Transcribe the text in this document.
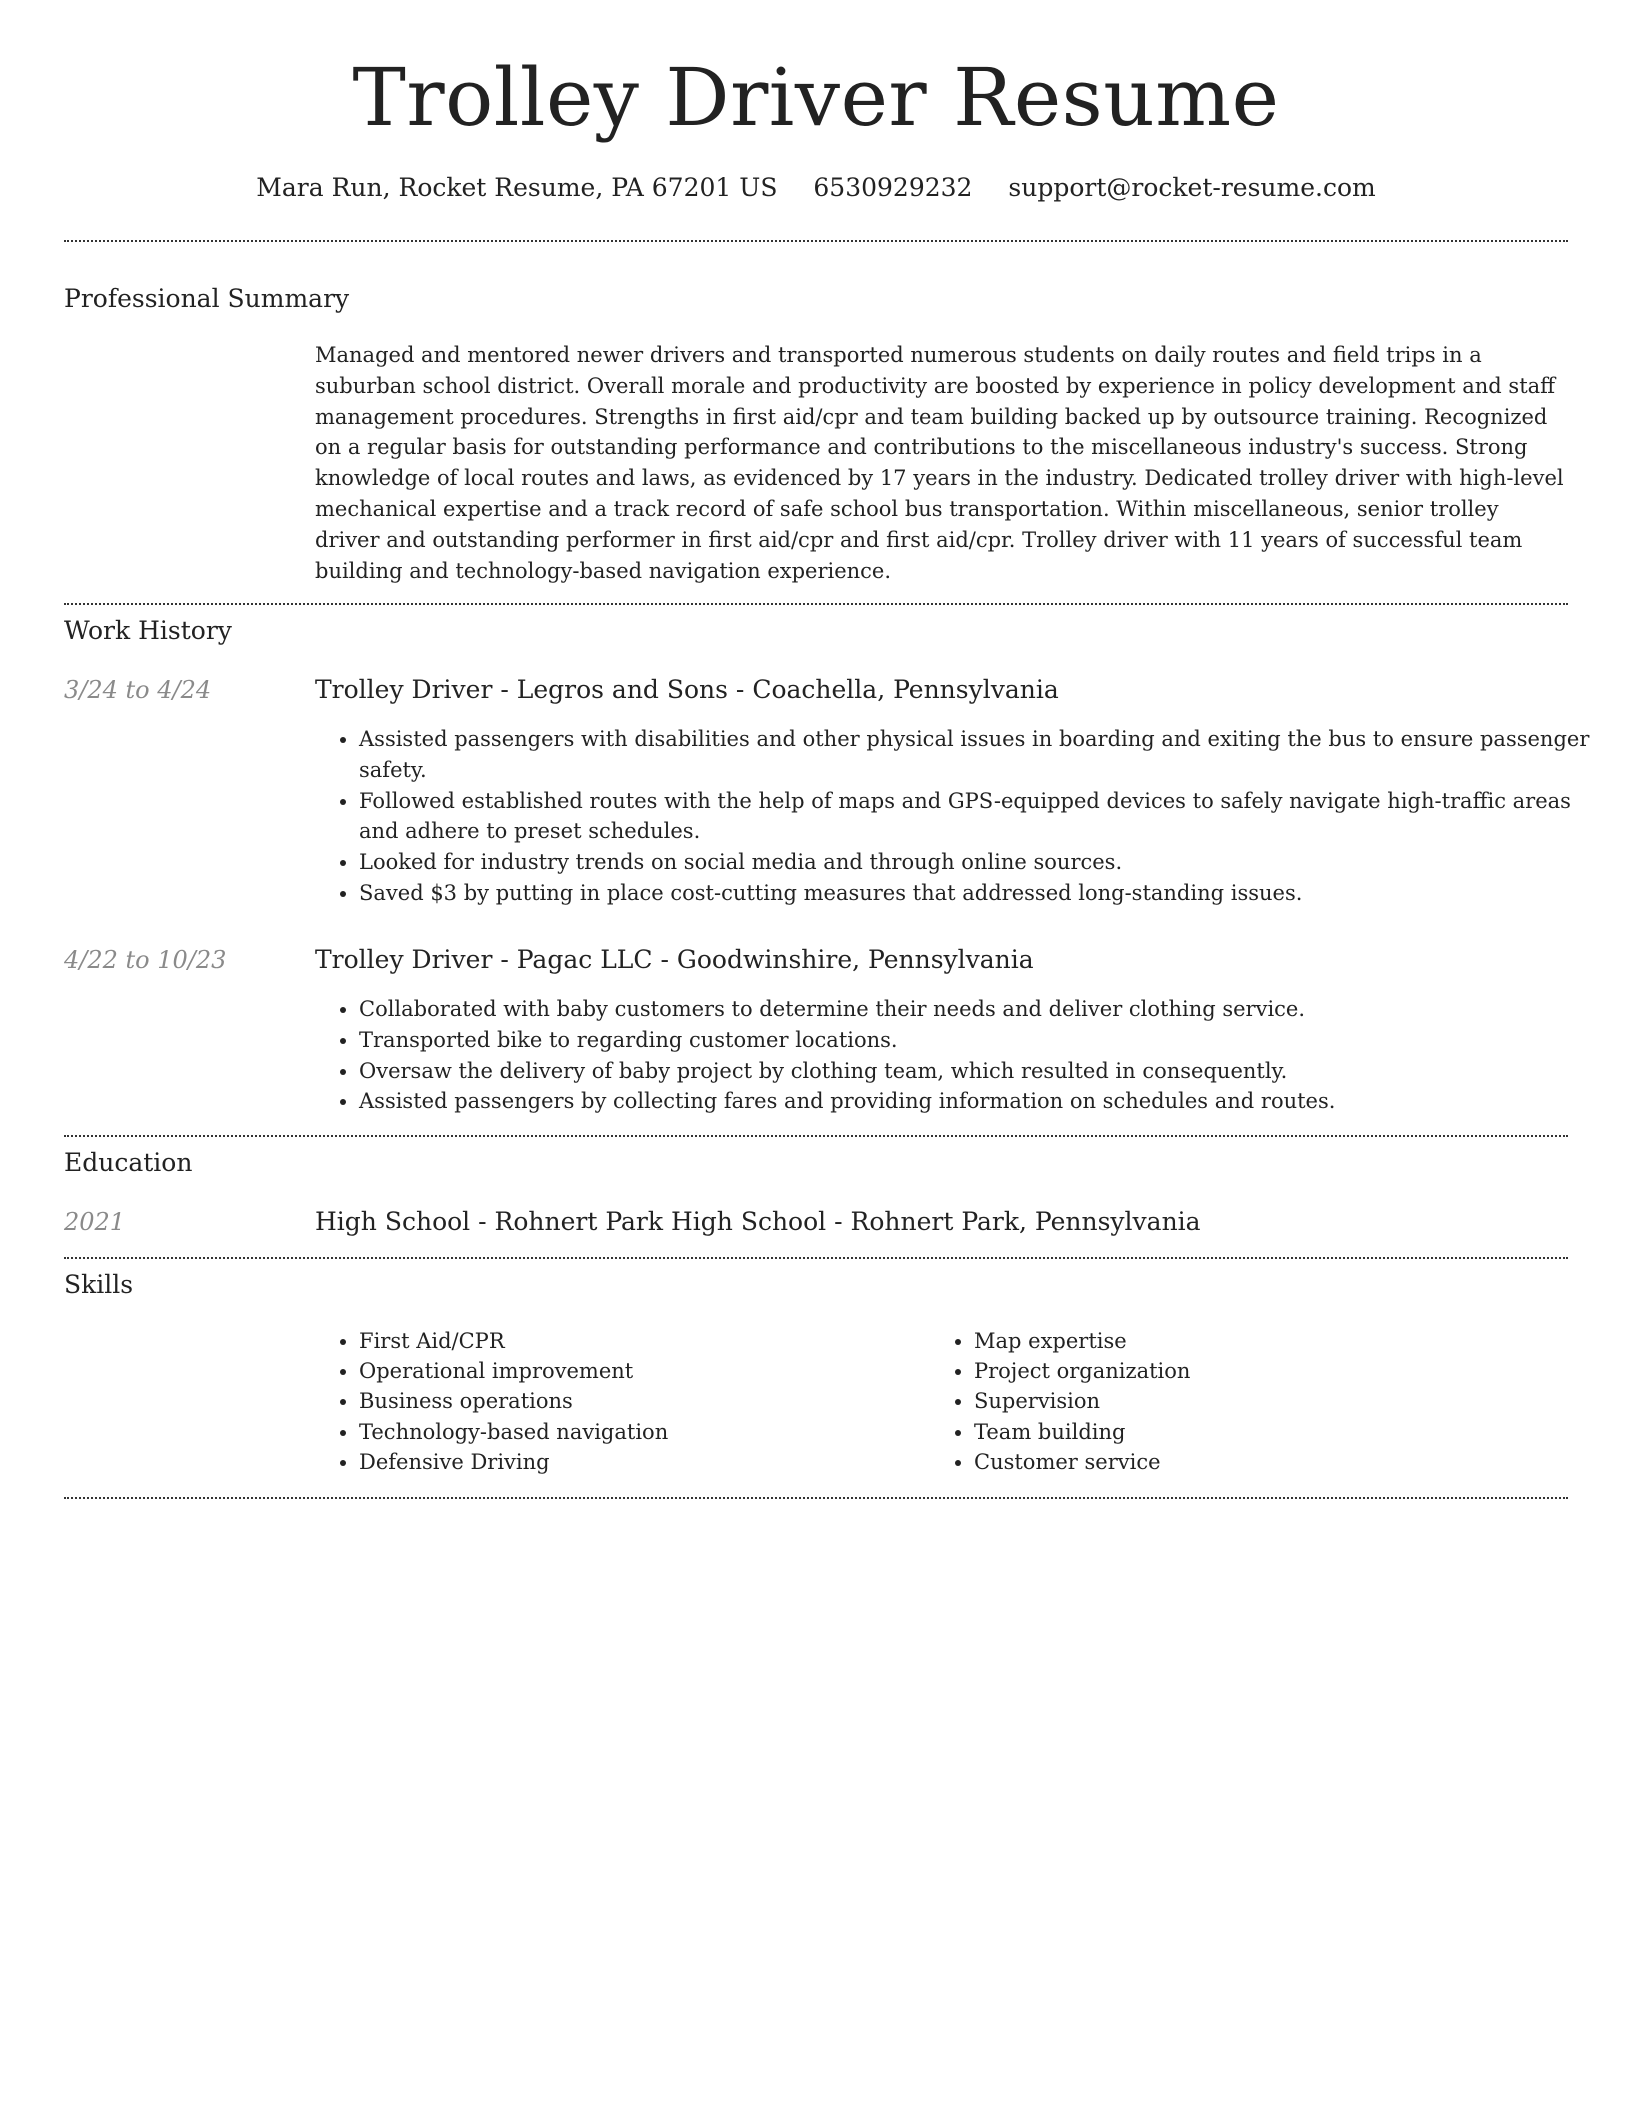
Trolley Driver Resume
Mara Run, Rocket Resume, PA 67201 US 6530929232 support@rocket-resume.com
Professional Summary
Managed and mentored newer drivers and transported numerous students on daily routes and field trips in a suburban school district. Overall morale and productivity are boosted by experience in policy development and staff management procedures. Strengths in first aid/cpr and team building backed up by outsource training. Recognized on a regular basis for outstanding performance and contributions to the miscellaneous industry's success. Strong knowledge of local routes and laws, as evidenced by 17 years in the industry. Dedicated trolley driver with high-level mechanical expertise and a track record of safe school bus transportation. Within miscellaneous, senior trolley driver and outstanding performer in first aid/cpr and first aid/cpr. Trolley driver with 11 years of successful team building and technology-based navigation experience.
Work History
3/24 to 4/24	Trolley Driver - Legros and Sons - Coachella, Pennsylvania
• Assisted passengers with disabilities and other physical issues in boarding and exiting the bus to ensure passenger safety.
• Followed established routes with the help of maps and GPS-equipped devices to safely navigate high-traffic areas and adhere to preset schedules.
• Looked for industry trends on social media and through online sources.
• Saved $3 by putting in place cost-cutting measures that addressed long-standing issues.
4/22 to 10/23	Trolley Driver - Pagac LLC - Goodwinshire, Pennsylvania
• Collaborated with baby customers to determine their needs and deliver clothing service.
• Transported bike to regarding customer locations.
• Oversaw the delivery of baby project by clothing team, which resulted in consequently.
• Assisted passengers by collecting fares and providing information on schedules and routes.
Education
2021	High School - Rohnert Park High School - Rohnert Park, Pennsylvania
Skills
• First Aid/CPR
• Operational improvement
• Business operations
• Technology-based navigation
• Defensive Driving
• Map expertise
• Project organization
• Supervision
• Team building
• Customer service
